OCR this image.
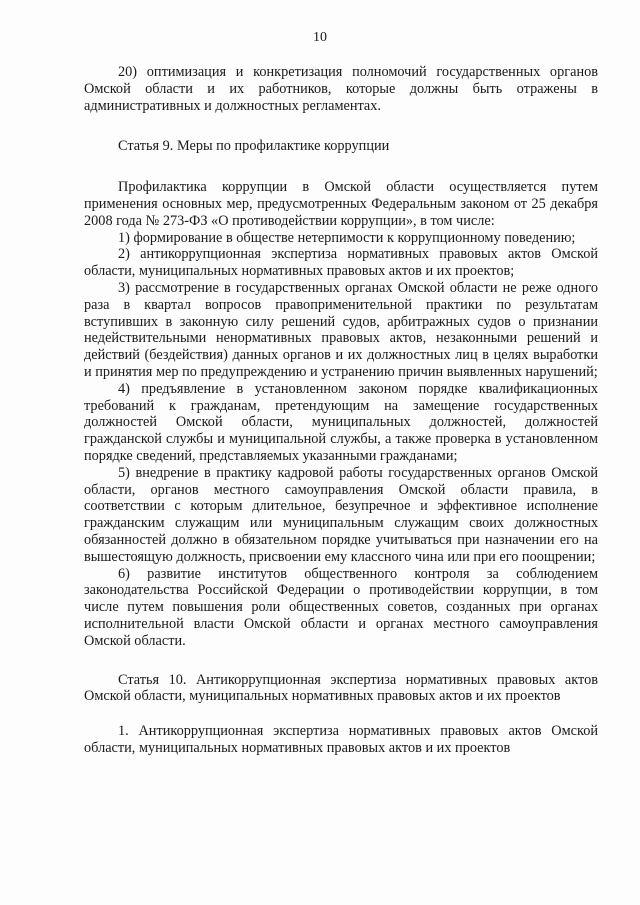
10

20) оптимизация и конкретизация полномочий государственных органов Омской области и их работников, которые должны быть отражены в административных и должностных регламентах.

Статья 9. Меры по профилактике коррупции

Профилактика коррупции в Омской области осуществляется путем применения основных мер, предусмотренных Федеральным законом от 25 декабря 2008 года № 273-ФЗ «О противодействии коррупции», в том числе:

1) формирование в обществе нетерпимости к коррупционному поведению;

2) антикоррупционная экспертиза нормативных правовых актов Омской области, муниципальных нормативных правовых актов и их проектов;

3) рассмотрение в государственных органах Омской области не реже одного раза в квартал вопросов правоприменительной практики по результатам вступивших в законную силу решений судов, арбитражных судов о признании недействительными ненормативных правовых актов, незаконными решений и действий (бездействия) данных органов и их должностных лиц в целях выработки и принятия мер по предупреждению и устранению причин выявленных нарушений;

4) предъявление в установленном законом порядке квалификационных требований к гражданам, претендующим на замещение государственных должностей Омской области, муниципальных должностей, должностей гражданской службы и муниципальной службы, а также проверка в установленном порядке сведений, представляемых указанными гражданами;

5) внедрение в практику кадровой работы государственных органов Омской области, органов местного самоуправления Омской области правила, в соответствии с которым длительное, безупречное и эффективное исполнение гражданским служащим или муниципальным служащим своих должностных обязанностей должно в обязательном порядке учитываться при назначении его на вышестоящую должность, присвоении ему классного чина или при его поощрении;

6) развитие институтов общественного контроля за соблюдением законодательства Российской Федерации о противодействии коррупции, в том числе путем повышения роли общественных советов, созданных при органах исполнительной власти Омской области и органах местного самоуправления Омской области.

Статья 10. Антикоррупционная экспертиза нормативных правовых актов Омской области, муниципальных нормативных правовых актов и их проектов

1. Антикоррупционная экспертиза нормативных правовых актов Омской области, муниципальных нормативных правовых актов и их проектов
